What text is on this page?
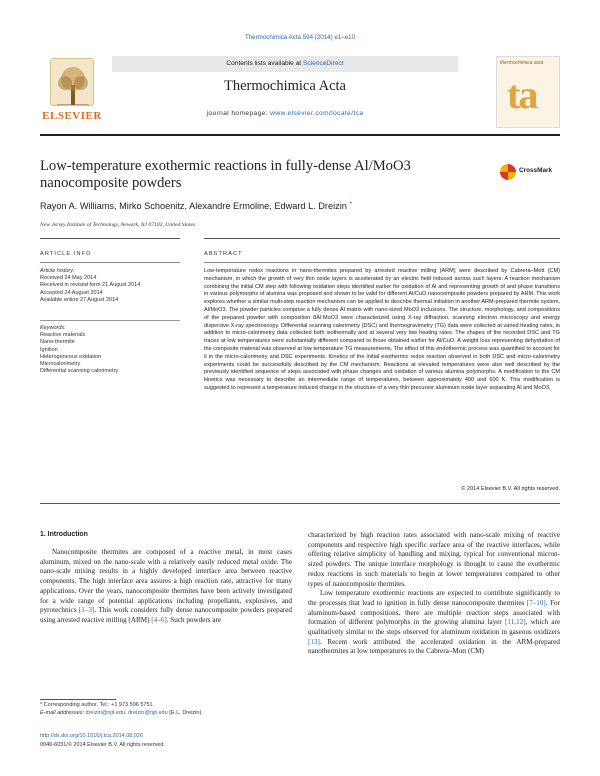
Thermochimica Acta 594 (2014) e1–e10
ELSEVIER
Contents lists available at ScienceDirect
Thermochimica Acta
journal homepage: www.elsevier.com/locate/tca
thermochimica acta
ta
Low-temperature exothermic reactions in fully-dense Al/MoO3 nanocomposite powders
CrossMark
Rayon A. Williams, Mirko Schoenitz, Alexandre Ermoline, Edward L. Dreizin *
New Jersey Institute of Technology, Newark, NJ 07102, United States
ARTICLE INFO	ABSTRACT
Article history:
Received 24 May 2014
Received in revised form 21 August 2014
Accepted 24 August 2014
Available online 27 August 2014
Keywords:
Reactive materials
Nano-thermite
Ignition
Heterogeneous oxidation
Microcalorimetry
Differential scanning calorimetry
Low-temperature redox reactions in nano-thermites prepared by arrested reactive milling (ARM) were described by Cabrera–Mott (CM) mechanism, in which the growth of very thin oxide layers is accelerated by an electric field induced across such layers. A reaction mechanism combining the initial CM step with following oxidation steps identified earlier for oxidation of Al and representing growth of and phase transitions in various polymorphs of alumina was proposed and shown to be valid for different Al/CuO nanocomposite powders prepared by ARM. This work explores whether a similar multi-step reaction mechanism can be applied to describe thermal initiation in another ARM-prepared thermite system, Al/MoO3. The powder particles comprise a fully dense Al matrix with nano-sized MoO3 inclusions. The structure, morphology, and compositions of the prepared powder with composition 8Al·MoO3 were characterized using X-ray diffraction, scanning electron microscopy and energy dispersive X-ray spectroscopy. Differential scanning calorimetry (DSC) and thermogravimetry (TG) data were collected at varied heating rates, in addition to micro-calorimetry data collected both isothermally and at several very low heating rates. The shapes of the recorded DSC and TG traces at low temperatures were substantially different compared to those obtained earlier for Al/CuO. A weight loss representing dehydration of the composite material was observed at low temperature TG measurements. The effect of this endothermic process was quantified to account for it in the micro-calorimetry and DSC experiments. Kinetics of the initial exothermic redox reaction observed in both DSC and micro-calorimetry experiments could be successfully described by the CM mechanism. Reactions at elevated temperatures were also well described by the previously identified sequence of steps associated with phase changes and oxidation of various alumina polymorphs. A modification to the CM kinetics was necessary to describe an intermediate range of temperatures, between approximately 400 and 600 K. This modification is suggested to represent a temperature induced change in the structure of a very thin precursor aluminum oxide layer separating Al and MoO3.
© 2014 Elsevier B.V. All rights reserved.
1. Introduction

Nanocomposite thermites are composed of a reactive metal, in most cases aluminum, mixed on the nano-scale with a relatively easily reduced metal oxide. The nano-scale mixing results in a highly developed interface area between reactive components. The high interface area assures a high reaction rate, attractive for many applications. Over the years, nanocomposite thermites have been actively investigated for a wide range of potential applications including propellants, explosives, and pyrotechnics [1–3]. This work considers fully dense nanocomposite powders prepared using arrested reactive milling (ARM) [4–6]. Such powders are

characterized by high reaction rates associated with nano-scale mixing of reactive components and respective high specific surface area of the reactive interfaces, while offering relative simplicity of handling and mixing, typical for conventional micron-sized powders. The unique interface morphology is thought to cause the exothermic redox reactions in such materials to begin at lower temperatures compared to other types of nanocomposite thermites.

Low temperature exothermic reactions are expected to contribute significantly to the processes that lead to ignition in fully dense nanocomposite thermites [7–10]. For aluminum-based compositions, there are multiple reaction steps associated with formation of different polymorphs in the growing alumina layer [11,12], which are qualitatively similar to the steps observed for aluminum oxidation in gaseous oxidizers [13]. Recent work attributed the accelerated oxidation in the ARM-prepared nanothermites at low temperatures to the Cabrera–Mott (CM)

* Corresponding author. Tel.: +1 973 596 5751.
E-mail addresses: dreizin@njit.edu, dreizin@njit.edu (E.L. Dreizin).
http://dx.doi.org/10.1016/j.tca.2014.08.026
0040-6031/© 2014 Elsevier B.V. All rights reserved.
